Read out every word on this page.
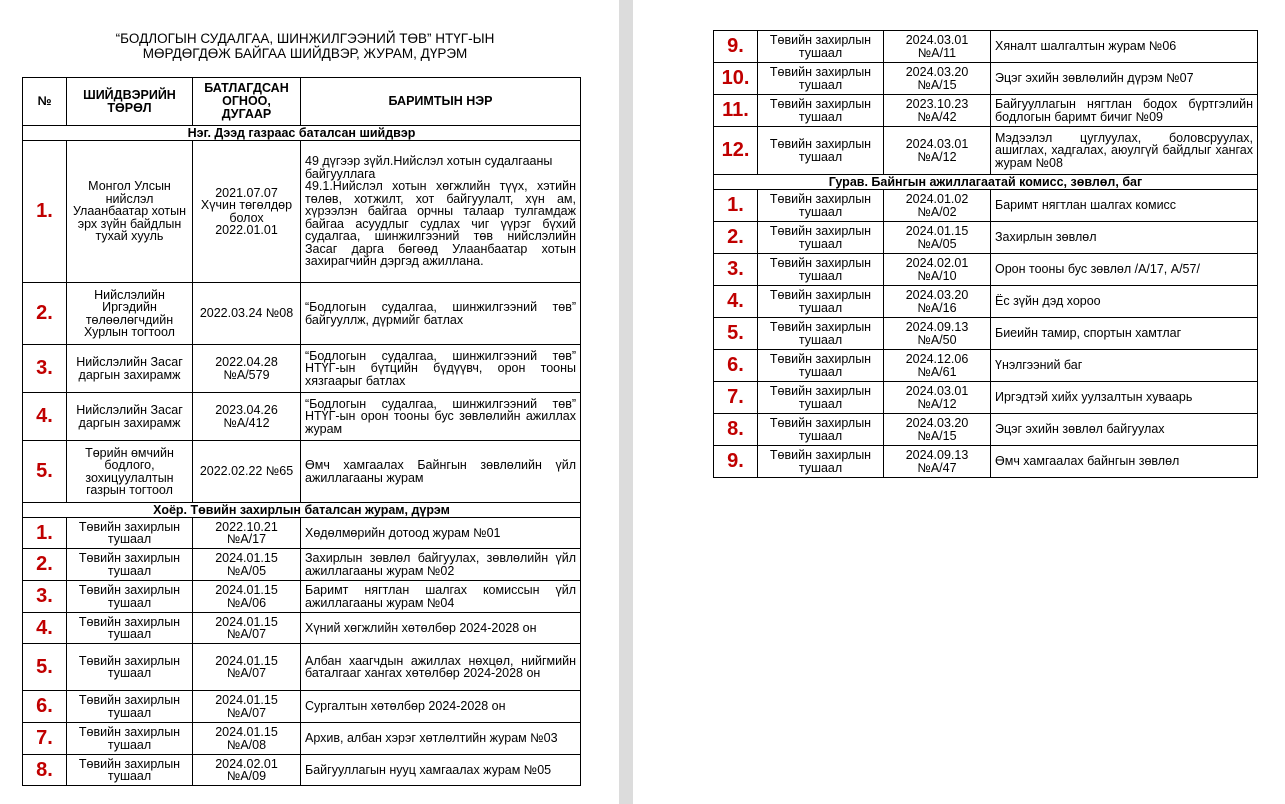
“БОДЛОГЫН СУДАЛГАА, ШИНЖИЛГЭЭНИЙ ТӨВ” НТҮГ-ЫН
МӨРДӨГДӨЖ БАЙГАА ШИЙДВЭР, ЖУРАМ, ДҮРЭМ
№	ШИЙДВЭРИЙН ТӨРӨЛ	БАТЛАГДСАН ОГНОО, ДУГААР	БАРИМТЫН НЭР
Нэг. Дээд газраас баталсан шийдвэр			
1.	Монгол Улсын нийслэл Улаанбаатар хотын эрх зүйн байдлын тухай хууль	2021.07.07 Хүчин төгөлдөр болох 2022.01.01	49 дүгээр зүйл.Нийслэл хотын судалгааны байгууллага
49.1.Нийслэл хотын хөгжлийн түүх, хэтийн төлөв, хотжилт, хот байгуулалт, хүн ам, хүрээлэн байгаа орчны талаар тулгамдаж байгаа асуудлыг судлах чиг үүрэг бүхий судалгаа, шинжилгээний төв нийслэлийн Засаг дарга бөгөөд Улаанбаатар хотын захирагчийн дэргэд ажиллана.

2.	Нийслэлийн Иргэдийн төлөөлөгчдийн Хурлын тогтоол	2022.03.24 №08	“Бодлогын судалгаа, шинжилгээний төв” байгууллж, дүрмийг батлах
3.	Нийслэлийн Засаг даргын захирамж	2022.04.28 №А/579	“Бодлогын судалгаа, шинжилгээний төв” НТҮГ-ын бүтцийн бүдүүвч, орон тооны хязгаарыг батлах
4.	Нийслэлийн Засаг даргын захирамж	2023.04.26 №А/412	“Бодлогын судалгаа, шинжилгээний төв” НТҮГ-ын орон тооны бус зөвлөлийн ажиллах журам
5.	Төрийн өмчийн бодлого, зохицуулалтын газрын тогтоол	2022.02.22 №65	Өмч хамгаалах Байнгын зөвлөлийн үйл ажиллагааны журам
Хоёр. Төвийн захирлын баталсан журам, дүрэм			
1.	Төвийн захирлын тушаал	2022.10.21 №А/17	Хөдөлмөрийн дотоод журам №01
2.	Төвийн захирлын тушаал	2024.01.15 №А/05	Захирлын зөвлөл байгуулах, зөвлөлийн үйл ажиллагааны журам №02
3.	Төвийн захирлын тушаал	2024.01.15 №А/06	Баримт нягтлан шалгах комиссын үйл ажиллагааны журам №04
4.	Төвийн захирлын тушаал	2024.01.15 №А/07	Хүний хөгжлийн хөтөлбөр 2024-2028 он
5.	Төвийн захирлын тушаал	2024.01.15 №А/07	Албан хаагчдын ажиллах нөхцөл, нийгмийн баталгааг хангах хөтөлбөр 2024-2028 он
6.	Төвийн захирлын тушаал	2024.01.15 №А/07	Сургалтын хөтөлбөр 2024-2028 он
7.	Төвийн захирлын тушаал	2024.01.15 №А/08	Архив, албан хэрэг хөтлөлтийн журам №03
8.	Төвийн захирлын тушаал	2024.02.01 №А/09	Байгууллагын нууц хамгаалах журам №05
9.	Төвийн захирлын тушаал	2024.03.01 №А/11	Хяналт шалгалтын журам №06
10.	Төвийн захирлын тушаал	2024.03.20 №А/15	Эцэг эхийн зөвлөлийн дүрэм №07
11.	Төвийн захирлын тушаал	2023.10.23 №А/42	Байгууллагын нягтлан бодох бүртгэлийн бодлогын баримт бичиг №09
12.	Төвийн захирлын тушаал	2024.03.01 №А/12	Мэдээлэл цуглуулах, боловсруулах, ашиглах, хадгалах, аюулгүй байдлыг хангах журам №08
Гурав. Байнгын ажиллагаатай комисс, зөвлөл, баг			
1.	Төвийн захирлын тушаал	2024.01.02 №А/02	Баримт нягтлан шалгах комисс
2.	Төвийн захирлын тушаал	2024.01.15 №А/05	Захирлын зөвлөл
3.	Төвийн захирлын тушаал	2024.02.01 №А/10	Орон тооны бус зөвлөл /А/17, А/57/
4.	Төвийн захирлын тушаал	2024.03.20 №А/16	Ёс зүйн дэд хороо
5.	Төвийн захирлын тушаал	2024.09.13 №А/50	Биеийн тамир, спортын хамтлаг
6.	Төвийн захирлын тушаал	2024.12.06 №А/61	Үнэлгээний баг
7.	Төвийн захирлын тушаал	2024.03.01 №А/12	Иргэдтэй хийх уулзалтын хуваарь
8.	Төвийн захирлын тушаал	2024.03.20 №А/15	Эцэг эхийн зөвлөл байгуулах
9.	Төвийн захирлын тушаал	2024.09.13 №А/47	Өмч хамгаалах байнгын зөвлөл
